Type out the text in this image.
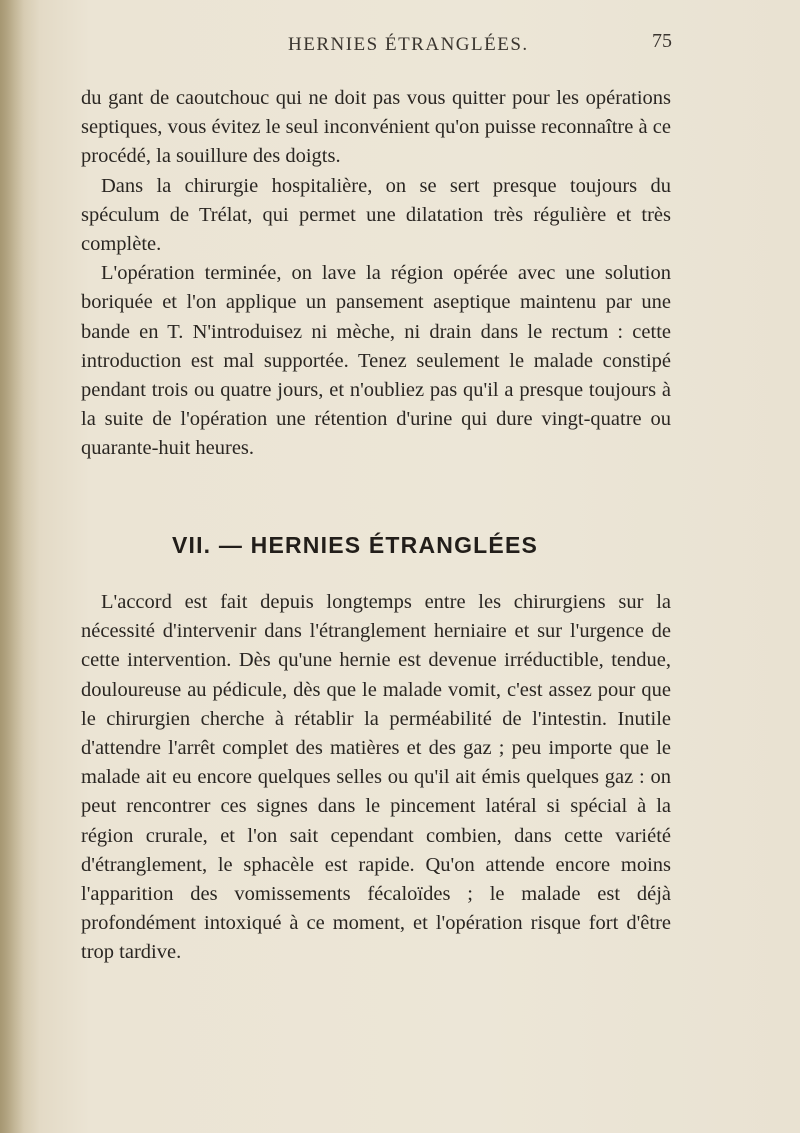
HERNIES ÉTRANGLÉES.	75

du gant de caoutchouc qui ne doit pas vous quitter pour les opérations septiques, vous évitez le seul inconvénient qu'on puisse reconnaître à ce procédé, la souillure des doigts.

Dans la chirurgie hospitalière, on se sert presque toujours du spéculum de Trélat, qui permet une dilatation très régulière et très complète.

L'opération terminée, on lave la région opérée avec une solution boriquée et l'on applique un pansement aseptique maintenu par une bande en T. N'introduisez ni mèche, ni drain dans le rectum : cette introduction est mal supportée. Tenez seulement le malade constipé pendant trois ou quatre jours, et n'oubliez pas qu'il a presque toujours à la suite de l'opération une rétention d'urine qui dure vingt-quatre ou quarante-huit heures.

VII. — HERNIES ÉTRANGLÉES

L'accord est fait depuis longtemps entre les chirurgiens sur la nécessité d'intervenir dans l'étranglement herniaire et sur l'urgence de cette intervention. Dès qu'une hernie est devenue irréductible, tendue, douloureuse au pédicule, dès que le malade vomit, c'est assez pour que le chirurgien cherche à rétablir la perméabilité de l'intestin. Inutile d'attendre l'arrêt complet des matières et des gaz ; peu importe que le malade ait eu encore quelques selles ou qu'il ait émis quelques gaz : on peut rencontrer ces signes dans le pincement latéral si spécial à la région crurale, et l'on sait cependant combien, dans cette variété d'étranglement, le sphacèle est rapide. Qu'on attende encore moins l'apparition des vomissements fécaloïdes ; le malade est déjà profondément intoxiqué à ce moment, et l'opération risque fort d'être trop tardive.
